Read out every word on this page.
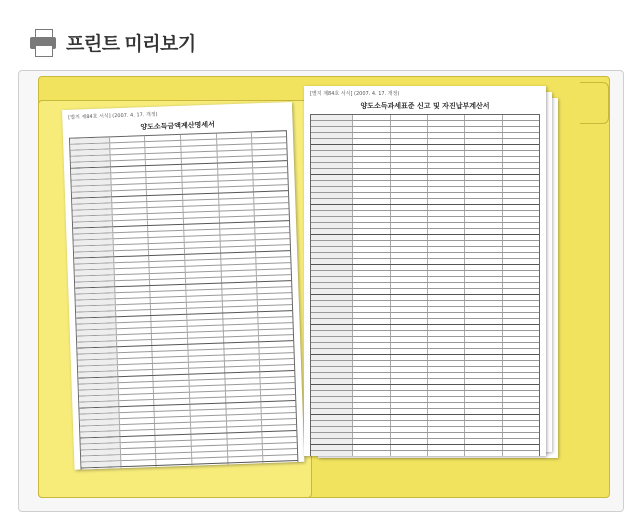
프린트 미리보기
[별지 제84호 서식] (2007. 4. 17. 개정)
양도소득금액계산명세서
[별지 제84호 서식] (2007. 4. 17. 개정)
양도소득과세표준 신고 및 자진납부계산서
